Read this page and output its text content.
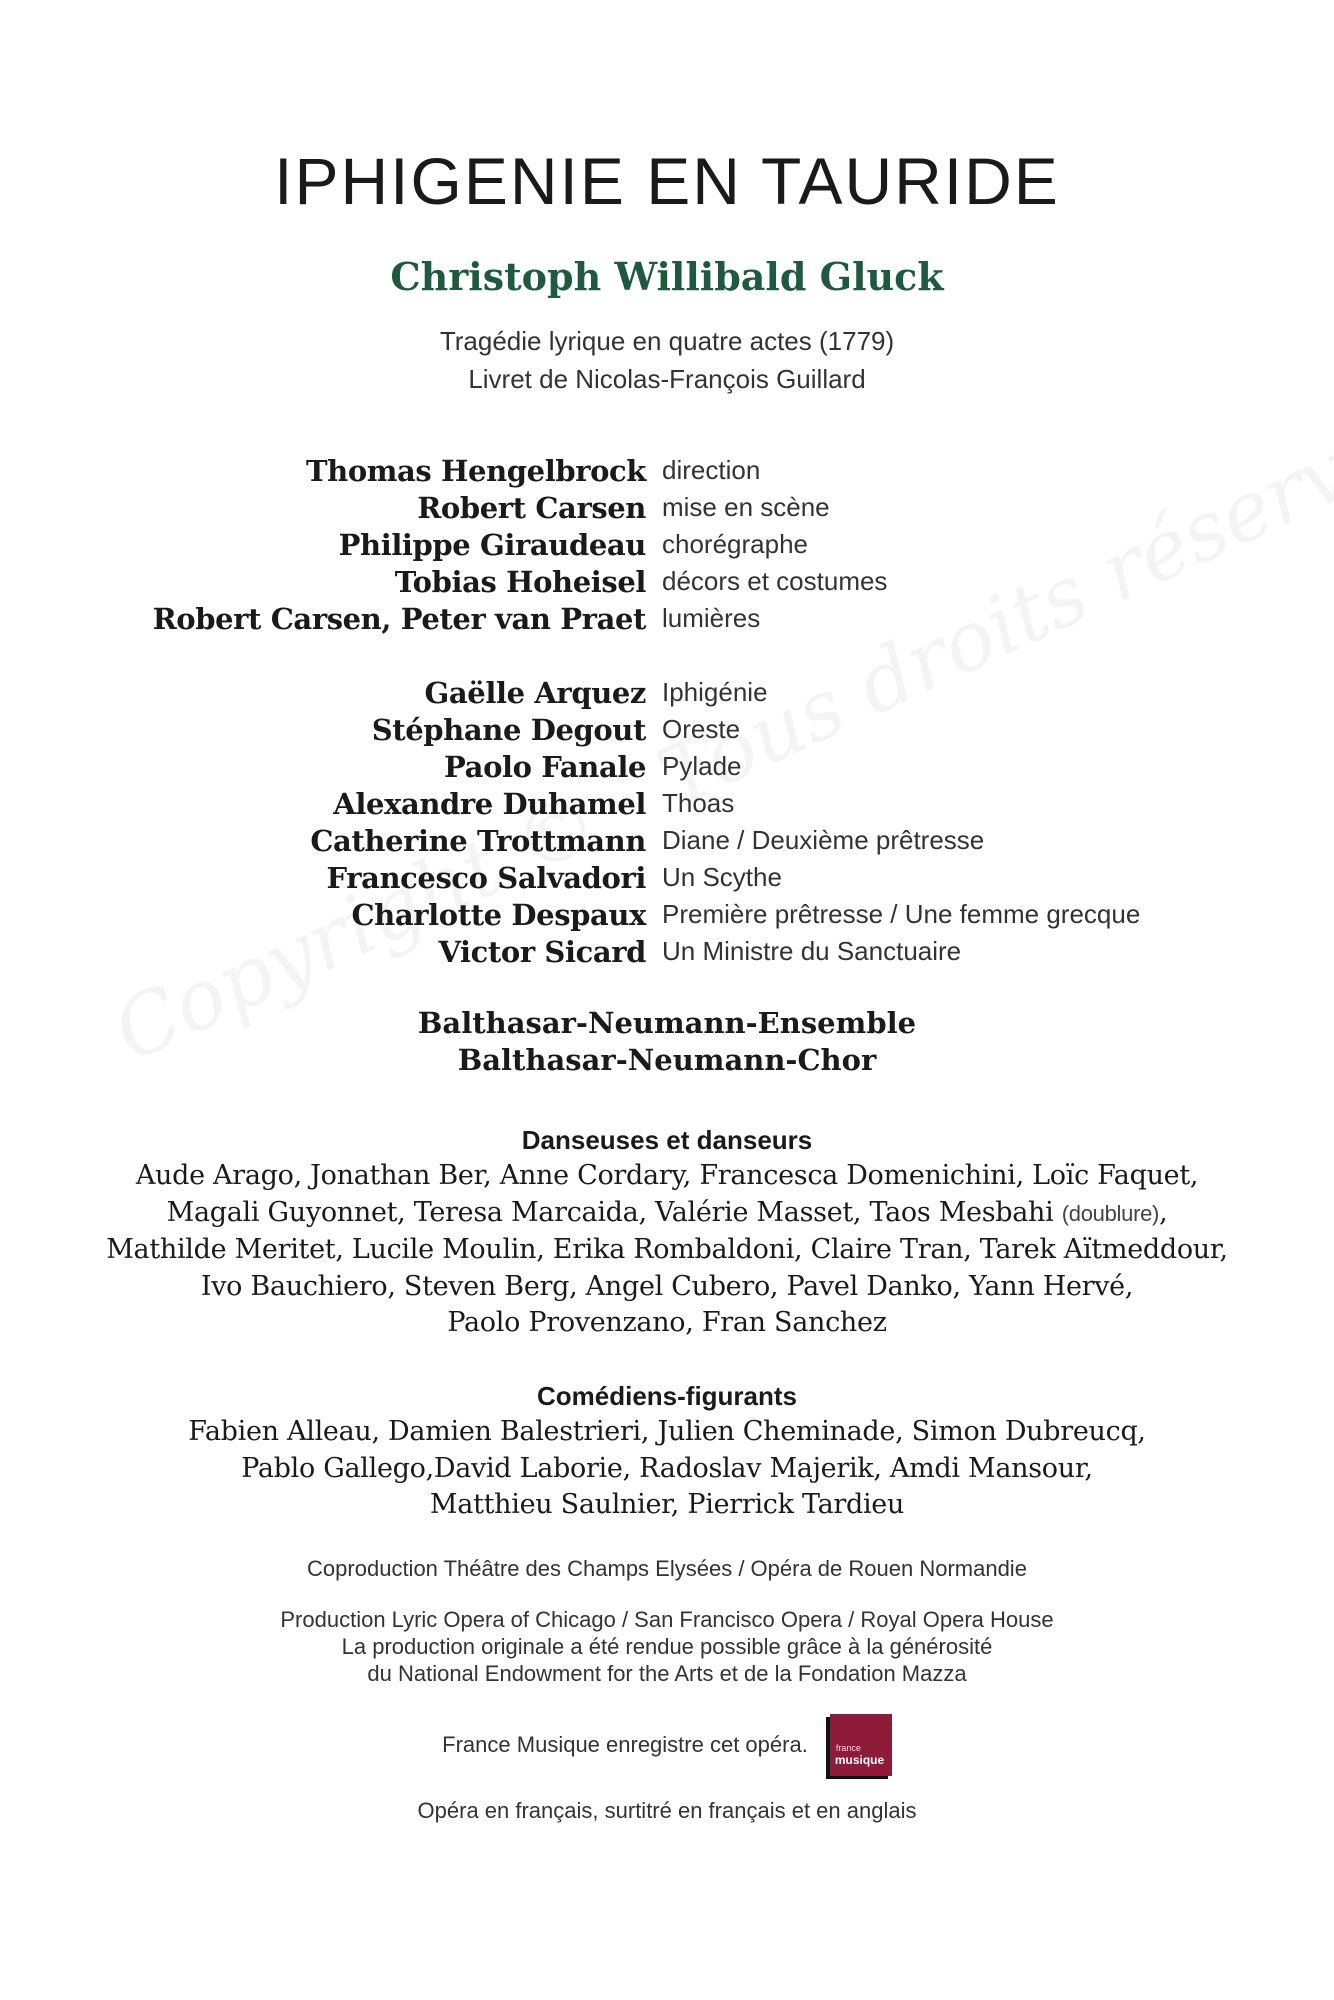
IPHIGENIE EN TAURIDE
Christoph Willibald Gluck
Tragédie lyrique en quatre actes (1779)
Livret de Nicolas-François Guillard
Thomas Hengelbrock direction
Robert Carsen mise en scène
Philippe Giraudeau chorégraphe
Tobias Hoheisel décors et costumes
Robert Carsen, Peter van Praet lumières
Gaëlle Arquez Iphigénie
Stéphane Degout Oreste
Paolo Fanale Pylade
Alexandre Duhamel Thoas
Catherine Trottmann Diane / Deuxième prêtresse
Francesco Salvadori Un Scythe
Charlotte Despaux Première prêtresse / Une femme grecque
Victor Sicard Un Ministre du Sanctuaire
Balthasar-Neumann-Ensemble
Balthasar-Neumann-Chor
Danseuses et danseurs
Aude Arago, Jonathan Ber, Anne Cordary, Francesca Domenichini, Loïc Faquet,
Magali Guyonnet, Teresa Marcaida, Valérie Masset, Taos Mesbahi (doublure),
Mathilde Meritet, Lucile Moulin, Erika Rombaldoni, Claire Tran, Tarek Aïtmeddour,
Ivo Bauchiero, Steven Berg, Angel Cubero, Pavel Danko, Yann Hervé,
Paolo Provenzano, Fran Sanchez
Comédiens-figurants
Fabien Alleau, Damien Balestrieri, Julien Cheminade, Simon Dubreucq,
Pablo Gallego,David Laborie, Radoslav Majerik, Amdi Mansour,
Matthieu Saulnier, Pierrick Tardieu
Coproduction Théâtre des Champs Elysées / Opéra de Rouen Normandie
Production Lyric Opera of Chicago / San Francisco Opera / Royal Opera House
La production originale a été rendue possible grâce à la générosité
du National Endowment for the Arts et de la Fondation Mazza
France Musique enregistre cet opéra.	france
musique
Opéra en français, surtitré en français et en anglais
